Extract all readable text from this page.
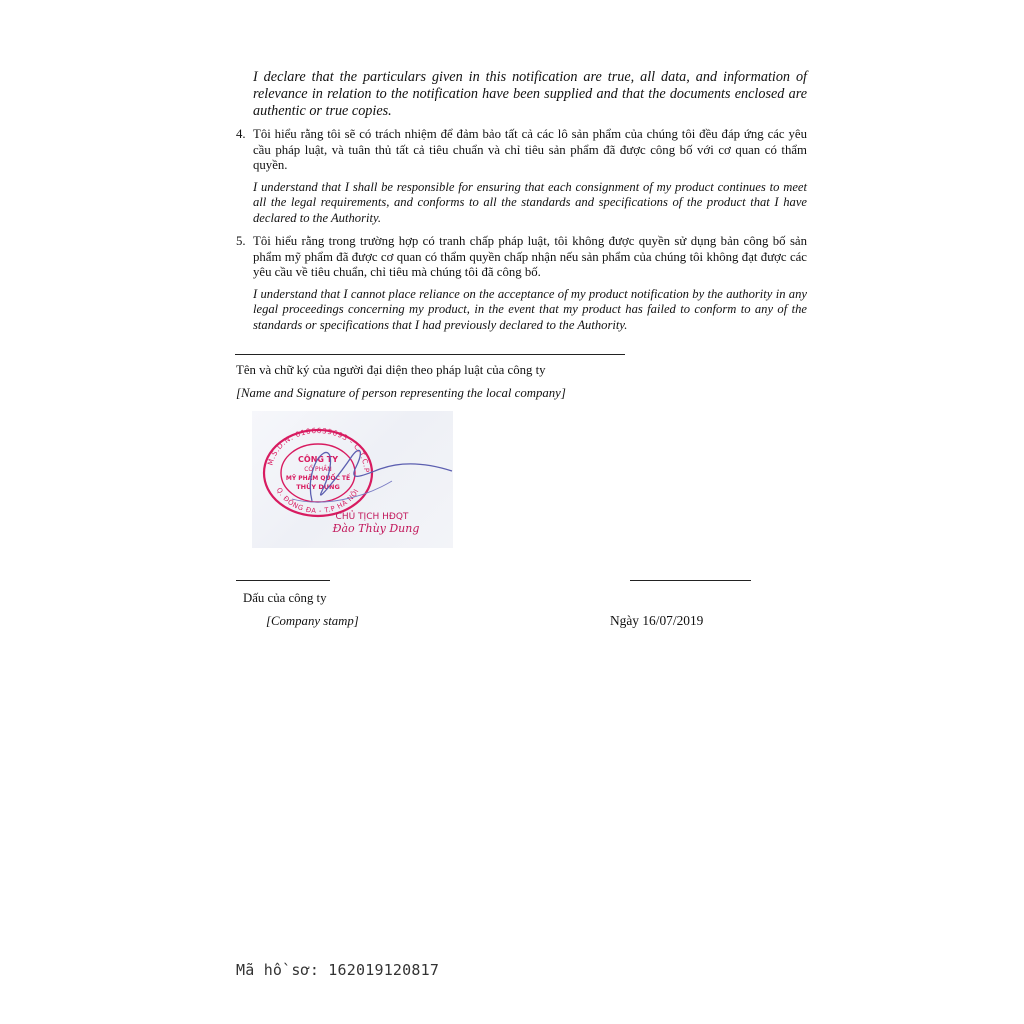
I declare that the particulars given in this notification are true, all data, and information of relevance in relation to the notification have been supplied and that the documents enclosed are authentic or true copies.

4. Tôi hiểu rằng tôi sẽ có trách nhiệm để đảm bảo tất cả các lô sản phẩm của chúng tôi đều đáp ứng các yêu cầu pháp luật, và tuân thủ tất cả tiêu chuẩn và chỉ tiêu sản phẩm đã được công bố với cơ quan có thẩm quyền.

I understand that I shall be responsible for ensuring that each consignment of my product continues to meet all the legal requirements, and conforms to all the standards and specifications of the product that I have declared to the Authority.

5. Tôi hiểu rằng trong trường hợp có tranh chấp pháp luật, tôi không được quyền sử dụng bản công bố sản phẩm mỹ phẩm đã được cơ quan có thẩm quyền chấp nhận nếu sản phẩm của chúng tôi không đạt được các yêu cầu về tiêu chuẩn, chỉ tiêu mà chúng tôi đã công bố.

I understand that I cannot place reliance on the acceptance of my product notification by the authority in any legal proceedings concerning my product, in the event that my product has failed to conform to any of the standards or specifications that I had previously declared to the Authority.

Tên và chữ ký của người đại diện theo pháp luật của công ty
[Name and Signature of person representing the local company]
M.S.D.N: 0106639693 - C.T.C.P
Q. ĐỐNG ĐA - T.P HÀ NỘI
CÔNG TY
CỔ PHẦN
MỸ PHẨM QUỐC TẾ
THÙY DUNG
CHỦ TỊCH HĐQT
Đào Thùy Dung
Dấu của công ty
[Company stamp]	Ngày 16/07/2019
Mã hồ sơ: 162019120817
